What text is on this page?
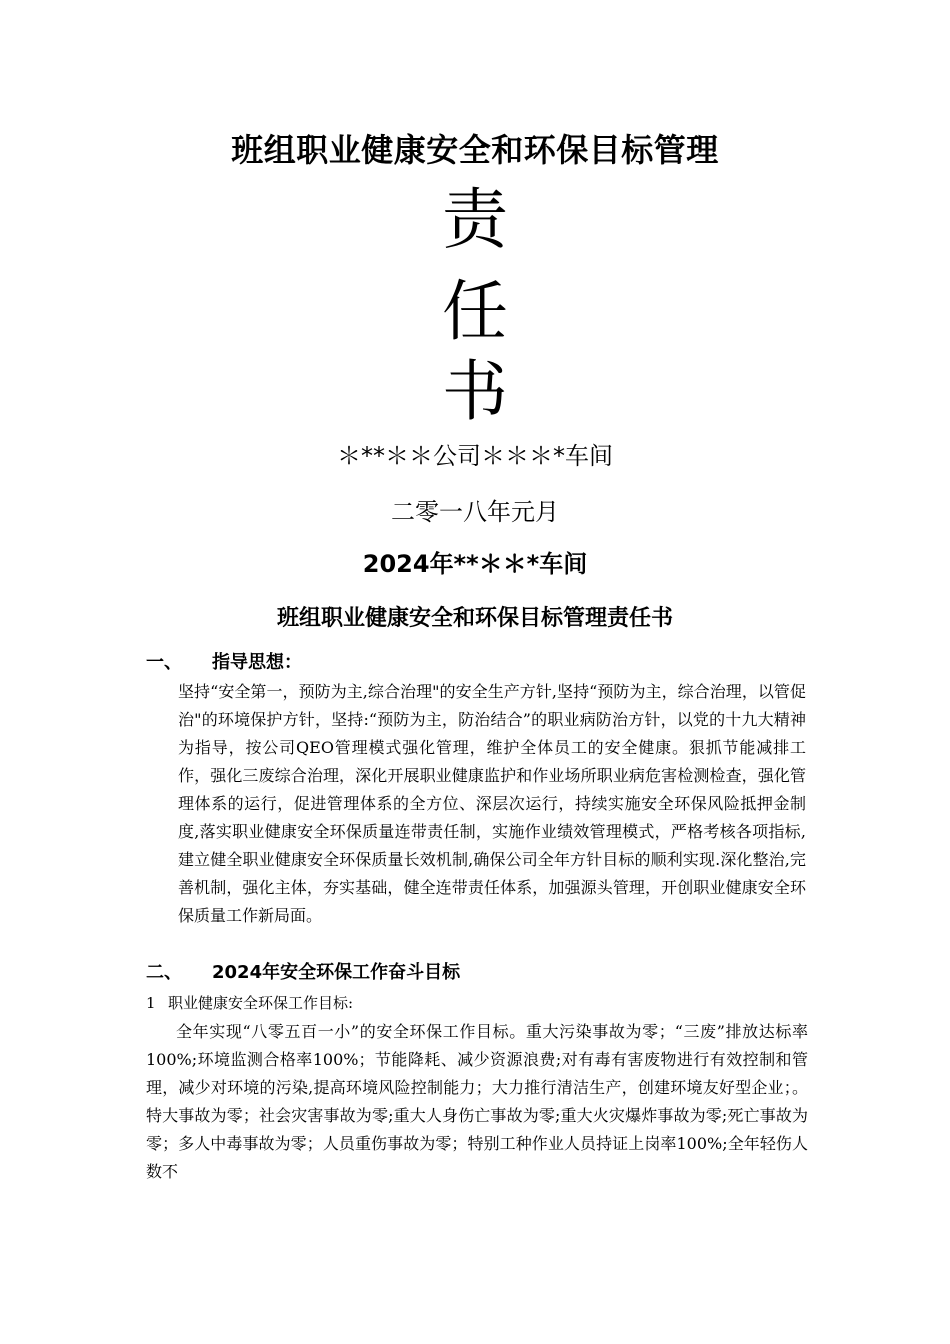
班组职业健康安全和环保目标管理
责
任
书
＊**＊＊公司＊＊＊*车间
二零一八年元月
2024年**＊＊*车间
班组职业健康安全和环保目标管理责任书
一、 指导思想：
坚持“安全第一，预防为主,综合治理"的安全生产方针,坚持“预防为主，综合治理，以管促治"的环境保护方针，坚持:“预防为主，防治结合”的职业病防治方针，以党的十九大精神为指导，按公司QEO管理模式强化管理，维护全体员工的安全健康。狠抓节能减排工作，强化三废综合治理，深化开展职业健康监护和作业场所职业病危害检测检查，强化管理体系的运行，促进管理体系的全方位、深层次运行，持续实施安全环保风险抵押金制度,落实职业健康安全环保质量连带责任制，实施作业绩效管理模式，严格考核各项指标,建立健全职业健康安全环保质量长效机制,确保公司全年方针目标的顺利实现.深化整治,完善机制，强化主体，夯实基础，健全连带责任体系，加强源头管理，开创职业健康安全环保质量工作新局面。
二、 2024年安全环保工作奋斗目标
1 职业健康安全环保工作目标:
全年实现“八零五百一小”的安全环保工作目标。重大污染事故为零；“三废”排放达标率100%;环境监测合格率100%；节能降耗、减少资源浪费;对有毒有害废物进行有效控制和管理，减少对环境的污染,提高环境风险控制能力；大力推行清洁生产，创建环境友好型企业；。特大事故为零；社会灾害事故为零;重大人身伤亡事故为零;重大火灾爆炸事故为零;死亡事故为零；多人中毒事故为零；人员重伤事故为零；特别工种作业人员持证上岗率100%;全年轻伤人数不
